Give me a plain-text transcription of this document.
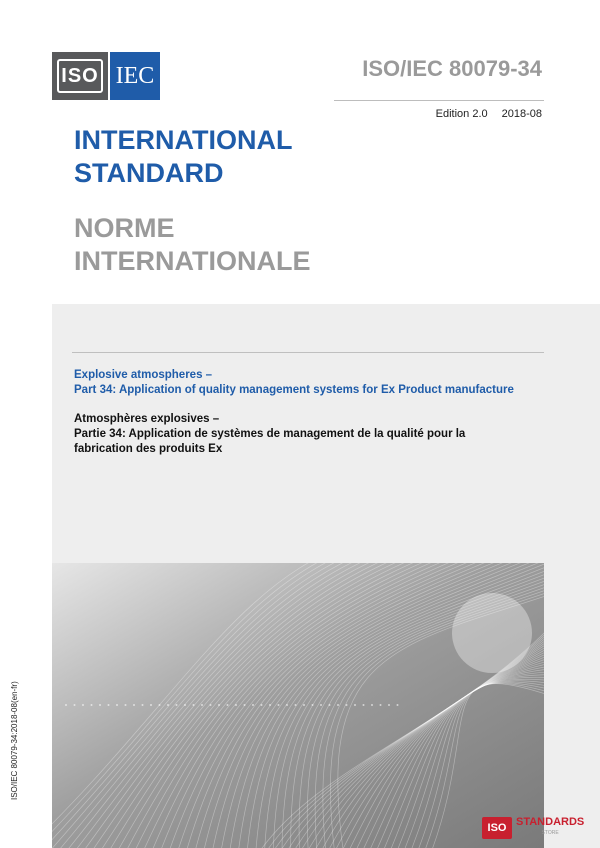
ISO IEC	ISO/IEC 80079-34
Edition 2.0 2018-08
INTERNATIONAL
STANDARD
NORME
INTERNATIONALE
Explosive atmospheres –
Part 34: Application of quality management systems for Ex Product manufacture
Atmosphères explosives –
Partie 34: Application de systèmes de management de la qualité pour la fabrication des produits Ex
ISO/IEC 80079-34:2018-08(en-fr)
ISO STANDARDS
STORE
